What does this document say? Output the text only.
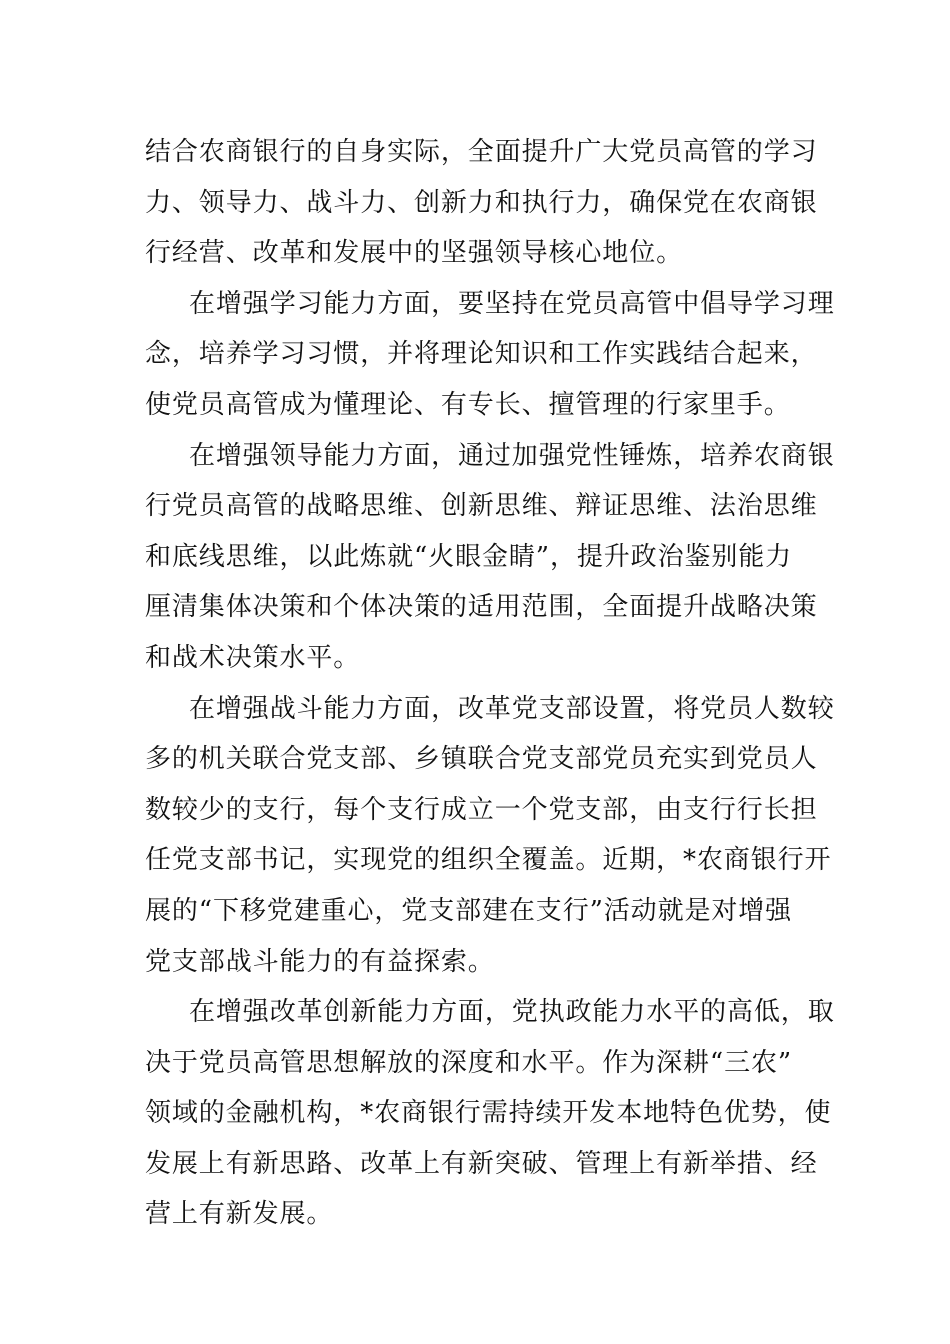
结合农商银行的自身实际，全面提升广大党员高管的学习
力、领导力、战斗力、创新力和执行力，确保党在农商银
行经营、改革和发展中的坚强领导核心地位。
在增强学习能力方面，要坚持在党员高管中倡导学习理
念，培养学习习惯，并将理论知识和工作实践结合起来，
使党员高管成为懂理论、有专长、擅管理的行家里手。
在增强领导能力方面，通过加强党性锤炼，培养农商银
行党员高管的战略思维、创新思维、辩证思维、法治思维
和底线思维，以此炼就“火眼金睛”，提升政治鉴别能力
厘清集体决策和个体决策的适用范围，全面提升战略决策
和战术决策水平。
在增强战斗能力方面，改革党支部设置，将党员人数较
多的机关联合党支部、乡镇联合党支部党员充实到党员人
数较少的支行，每个支行成立一个党支部，由支行行长担
任党支部书记，实现党的组织全覆盖。近期，*农商银行开
展的“下移党建重心，党支部建在支行”活动就是对增强
党支部战斗能力的有益探索。
在增强改革创新能力方面，党执政能力水平的高低，取
决于党员高管思想解放的深度和水平。作为深耕“三农”
领域的金融机构，*农商银行需持续开发本地特色优势，使
发展上有新思路、改革上有新突破、管理上有新举措、经
营上有新发展。
